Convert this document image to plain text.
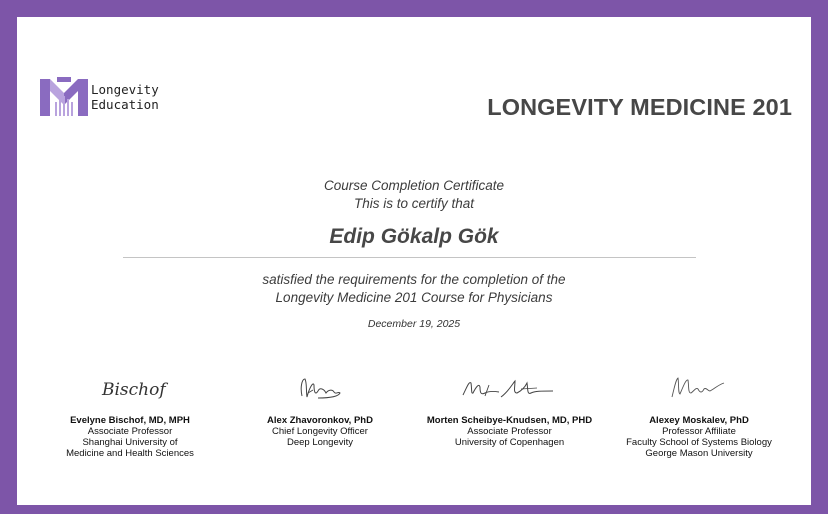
Longevity
Education	LONGEVITY MEDICINE 201
Course Completion Certificate
This is to certify that
Edip Gökalp Gök
satisfied the requirements for the completion of the
Longevity Medicine 201 Course for Physicians
December 19, 2025
Bischof
Evelyne Bischof, MD, MPH
Associate Professor
Shanghai University of
Medicine and Health Sciences
Alex Zhavoronkov, PhD
Chief Longevity Officer
Deep Longevity
Morten Scheibye-Knudsen, MD, PHD
Associate Professor
University of Copenhagen
Alexey Moskalev, PhD
Professor Affiliate
Faculty School of Systems Biology
George Mason University
